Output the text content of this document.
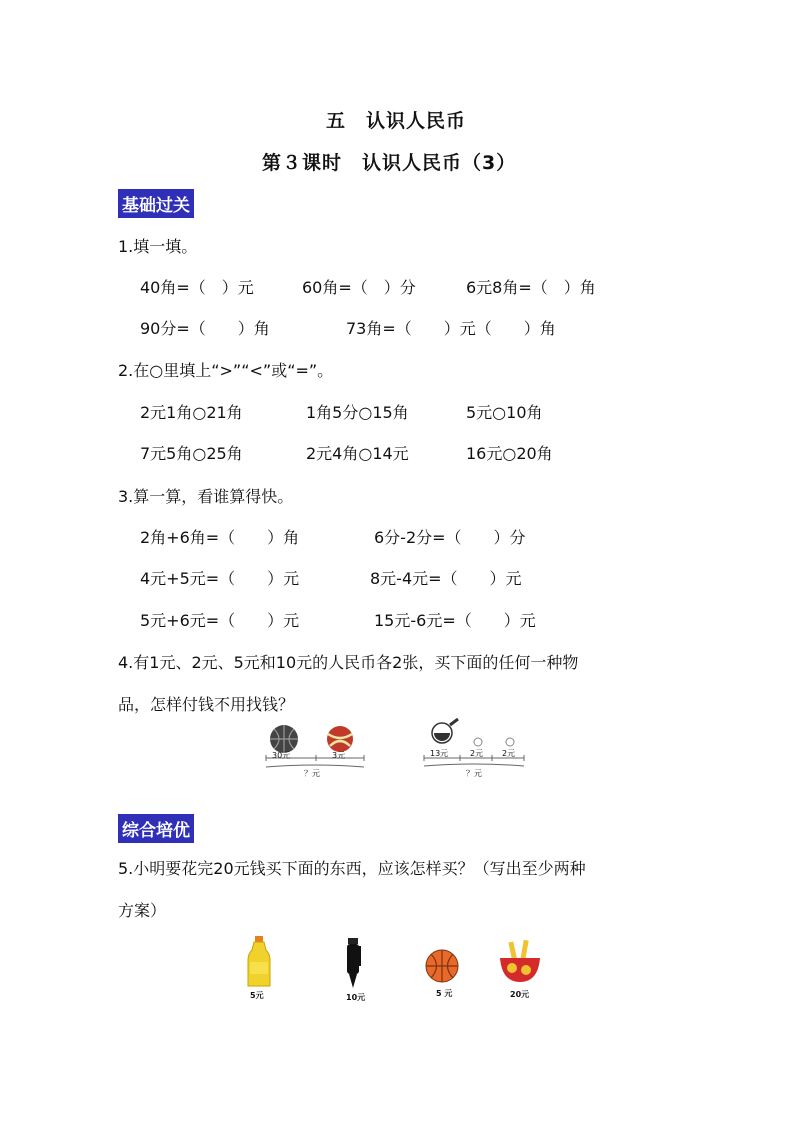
五　认识人民币
第３课时　认识人民币（3）
基础过关
1.填一填。
40角=（　）元	60角=（　）分	6元8角=（　）角
90分=（　　）角	73角=（　　）元（　　）角
2.在○里填上“>”“<”或“=”。
2元1角○21角	1角5分○15角	5元○10角
7元5角○25角	2元4角○14元	16元○20角
3.算一算，看谁算得快。
2角+6角=（　　）角	6分-2分=（　　）分
4元+5元=（　　）元	8元-4元=（　　）元
5元+6元=（　　）元	15元-6元=（　　）元
4.有1元、2元、5元和10元的人民币各2张，买下面的任何一种物
品，怎样付钱不用找钱？
30元	3元
？元
13元	2元 2元
？元
综合培优
5.小明要花完20元钱买下面的东西，应该怎样买？（写出至少两种
方案）
5元	10元	5 元	20元
